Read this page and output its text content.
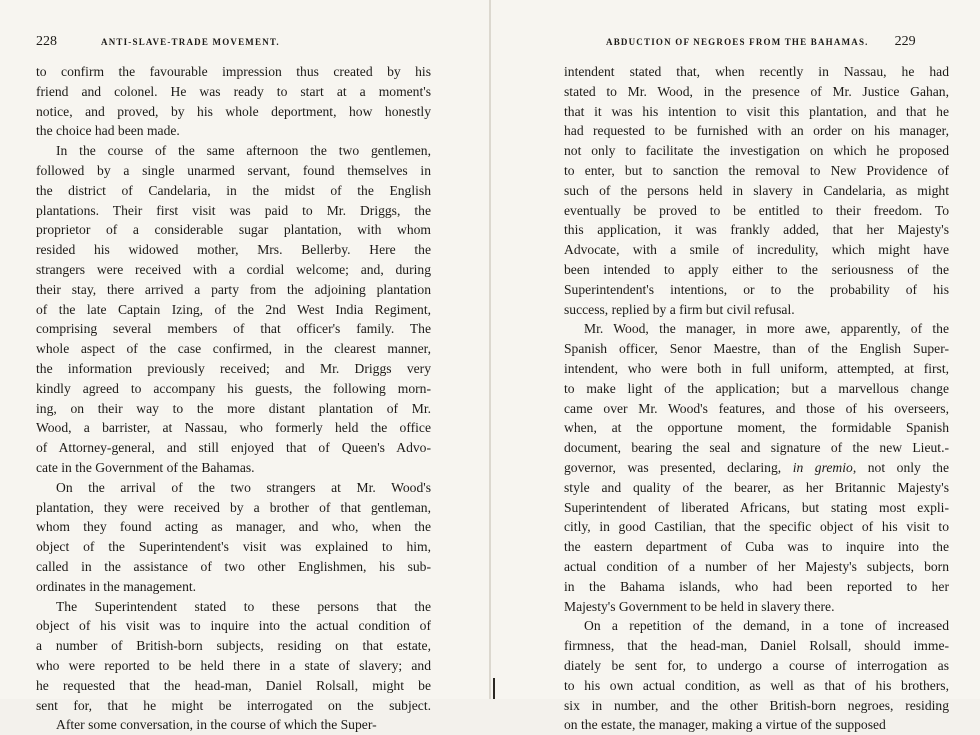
228	ANTI-SLAVE-TRADE MOVEMENT.
to confirm the favourable impression thus created by his
friend and colonel. He was ready to start at a moment's
notice, and proved, by his whole deportment, how honestly
the choice had been made.
In the course of the same afternoon the two gentlemen,
followed by a single unarmed servant, found themselves in
the district of Candelaria, in the midst of the English
plantations. Their first visit was paid to Mr. Driggs, the
proprietor of a considerable sugar plantation, with whom
resided his widowed mother, Mrs. Bellerby. Here the
strangers were received with a cordial welcome; and, during
their stay, there arrived a party from the adjoining plantation
of the late Captain Izing, of the 2nd West India Regiment,
comprising several members of that officer's family. The
whole aspect of the case confirmed, in the clearest manner,
the information previously received; and Mr. Driggs very
kindly agreed to accompany his guests, the following morn-
ing, on their way to the more distant plantation of Mr.
Wood, a barrister, at Nassau, who formerly held the office
of Attorney-general, and still enjoyed that of Queen's Advo-
cate in the Government of the Bahamas.
On the arrival of the two strangers at Mr. Wood's
plantation, they were received by a brother of that gentleman,
whom they found acting as manager, and who, when the
object of the Superintendent's visit was explained to him,
called in the assistance of two other Englishmen, his sub-
ordinates in the management.
The Superintendent stated to these persons that the
object of his visit was to inquire into the actual condition of
a number of British-born subjects, residing on that estate,
who were reported to be held there in a state of slavery; and
he requested that the head-man, Daniel Rolsall, might be
sent for, that he might be interrogated on the subject.
After some conversation, in the course of which the Super-
ABDUCTION OF NEGROES FROM THE BAHAMAS. 229
intendent stated that, when recently in Nassau, he had
stated to Mr. Wood, in the presence of Mr. Justice Gahan,
that it was his intention to visit this plantation, and that he
had requested to be furnished with an order on his manager,
not only to facilitate the investigation on which he proposed
to enter, but to sanction the removal to New Providence of
such of the persons held in slavery in Candelaria, as might
eventually be proved to be entitled to their freedom. To
this application, it was frankly added, that her Majesty's
Advocate, with a smile of incredulity, which might have
been intended to apply either to the seriousness of the
Superintendent's intentions, or to the probability of his
success, replied by a firm but civil refusal.
Mr. Wood, the manager, in more awe, apparently, of the
Spanish officer, Senor Maestre, than of the English Super-
intendent, who were both in full uniform, attempted, at first,
to make light of the application; but a marvellous change
came over Mr. Wood's features, and those of his overseers,
when, at the opportune moment, the formidable Spanish
document, bearing the seal and signature of the new Lieut.-
governor, was presented, declaring, in gremio, not only the
style and quality of the bearer, as her Britannic Majesty's
Superintendent of liberated Africans, but stating most expli-
citly, in good Castilian, that the specific object of his visit to
the eastern department of Cuba was to inquire into the
actual condition of a number of her Majesty's subjects, born
in the Bahama islands, who had been reported to her
Majesty's Government to be held in slavery there.
On a repetition of the demand, in a tone of increased
firmness, that the head-man, Daniel Rolsall, should imme-
diately be sent for, to undergo a course of interrogation as
to his own actual condition, as well as that of his brothers,
six in number, and the other British-born negroes, residing
on the estate, the manager, making a virtue of the supposed
